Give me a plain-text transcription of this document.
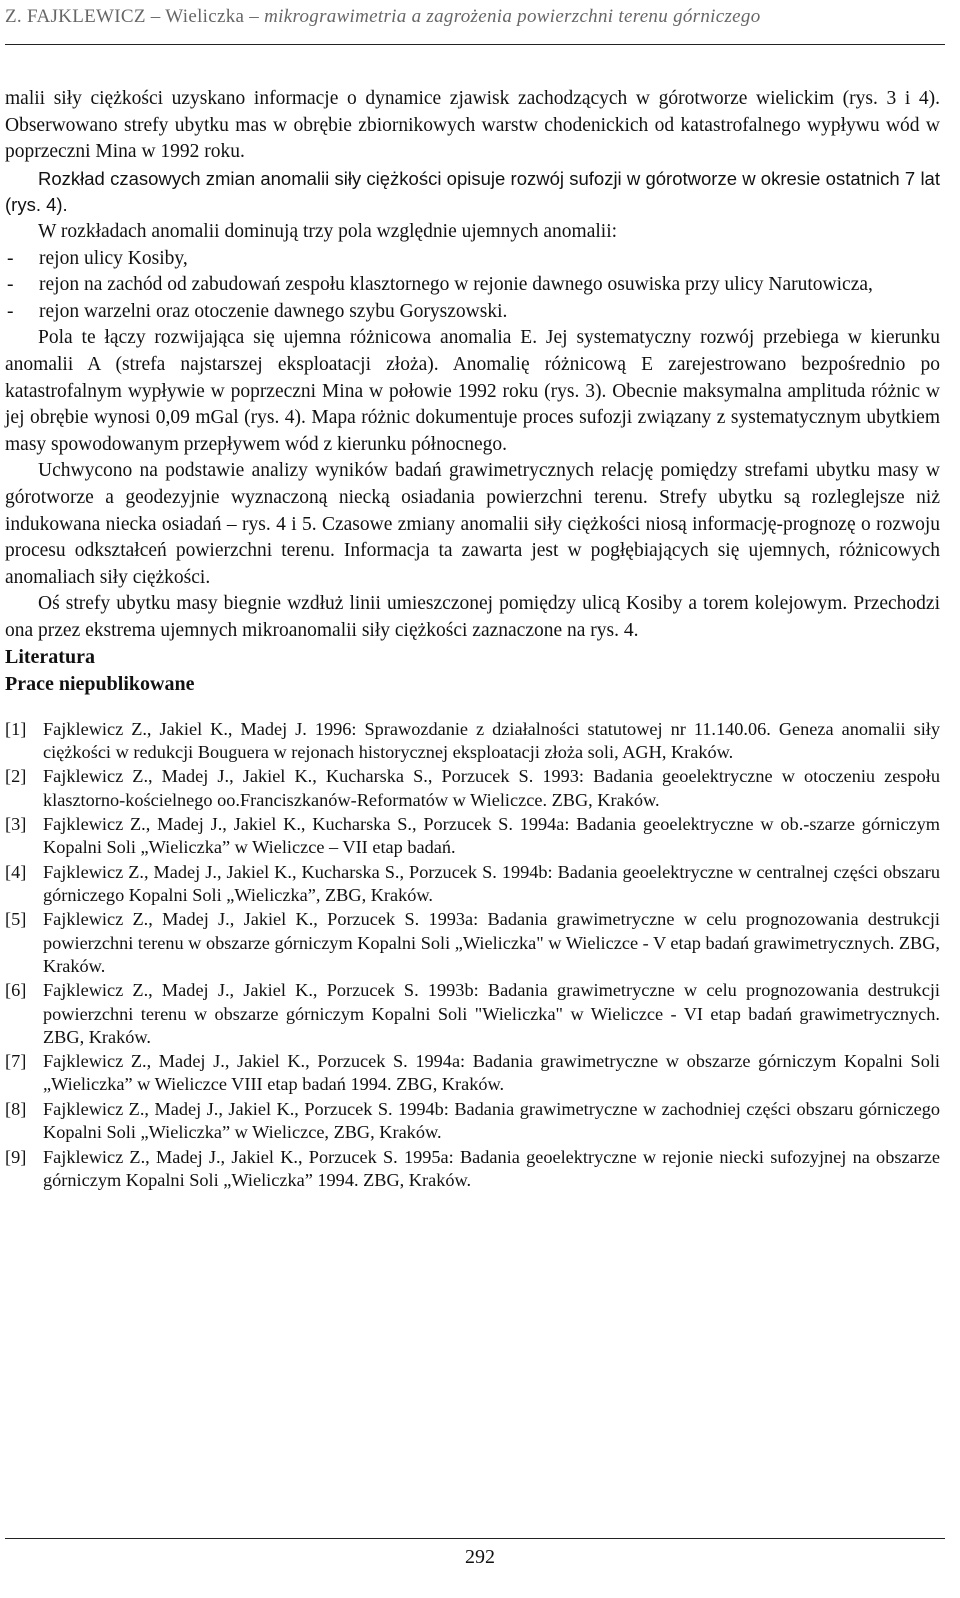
Z. FAJKLEWICZ – Wieliczka – mikrograwimetria a zagrożenia powierzchni terenu górniczego

malii siły ciężkości uzyskano informacje o dynamice zjawisk zachodzących w górotworze wielickim (rys. 3 i 4). Obserwowano strefy ubytku mas w obrębie zbiornikowych warstw chodenickich od katastrofalnego wypływu wód w poprzeczni Mina w 1992 roku.

Rozkład czasowych zmian anomalii siły ciężkości opisuje rozwój sufozji w górotworze w okresie ostatnich 7 lat (rys. 4).

W rozkładach anomalii dominują trzy pola względnie ujemnych anomalii:

- rejon ulicy Kosiby,
- rejon na zachód od zabudowań zespołu klasztornego w rejonie dawnego osuwiska przy ulicy Narutowicza,
- rejon warzelni oraz otoczenie dawnego szybu Goryszowski.

Pola te łączy rozwijająca się ujemna różnicowa anomalia E. Jej systematyczny rozwój przebiega w kierunku anomalii A (strefa najstarszej eksploatacji złoża). Anomalię różnicową E zarejestrowano bezpośrednio po katastrofalnym wypływie w poprzeczni Mina w połowie 1992 roku (rys. 3). Obecnie maksymalna amplituda różnic w jej obrębie wynosi 0,09 mGal (rys. 4). Mapa różnic dokumentuje proces sufozji związany z systematycznym ubytkiem masy spowodowanym przepływem wód z kierunku północnego.

Uchwycono na podstawie analizy wyników badań grawimetrycznych relację pomiędzy strefami ubytku masy w górotworze a geodezyjnie wyznaczoną niecką osiadania powierzchni terenu. Strefy ubytku są rozleglejsze niż indukowana niecka osiadań – rys. 4 i 5. Czasowe zmiany anomalii siły ciężkości niosą informację-prognozę o rozwoju procesu odkształceń powierzchni terenu. Informacja ta zawarta jest w pogłębiających się ujemnych, różnicowych anomaliach siły ciężkości.

Oś strefy ubytku masy biegnie wzdłuż linii umieszczonej pomiędzy ulicą Kosiby a torem kolejowym. Przechodzi ona przez ekstrema ujemnych mikroanomalii siły ciężkości zaznaczone na rys. 4.

Literatura

Prace niepublikowane

[1] Fajklewicz Z., Jakiel K., Madej J. 1996: Sprawozdanie z działalności statutowej nr 11.140.06. Geneza anomalii siły ciężkości w redukcji Bouguera w rejonach historycznej eksploatacji złoża soli, AGH, Kraków.
[2] Fajklewicz Z., Madej J., Jakiel K., Kucharska S., Porzucek S. 1993: Badania geoelektryczne w otoczeniu zespołu klasztorno-kościelnego oo.Franciszkanów-Reformatów w Wieliczce. ZBG, Kraków.
[3] Fajklewicz Z., Madej J., Jakiel K., Kucharska S., Porzucek S. 1994a: Badania geoelektryczne w ob.-szarze górniczym Kopalni Soli „Wieliczka” w Wieliczce – VII etap badań.
[4] Fajklewicz Z., Madej J., Jakiel K., Kucharska S., Porzucek S. 1994b: Badania geoelektryczne w centralnej części obszaru górniczego Kopalni Soli „Wieliczka”, ZBG, Kraków.
[5] Fajklewicz Z., Madej J., Jakiel K., Porzucek S. 1993a: Badania grawimetryczne w celu prognozowania destrukcji powierzchni terenu w obszarze górniczym Kopalni Soli „Wieliczka" w Wieliczce - V etap badań grawimetrycznych. ZBG, Kraków.
[6] Fajklewicz Z., Madej J., Jakiel K., Porzucek S. 1993b: Badania grawimetryczne w celu prognozowania destrukcji powierzchni terenu w obszarze górniczym Kopalni Soli "Wieliczka" w Wieliczce - VI etap badań grawimetrycznych. ZBG, Kraków.
[7] Fajklewicz Z., Madej J., Jakiel K., Porzucek S. 1994a: Badania grawimetryczne w obszarze górniczym Kopalni Soli „Wieliczka” w Wieliczce VIII etap badań 1994. ZBG, Kraków.
[8] Fajklewicz Z., Madej J., Jakiel K., Porzucek S. 1994b: Badania grawimetryczne w zachodniej części obszaru górniczego Kopalni Soli „Wieliczka” w Wieliczce, ZBG, Kraków.
[9] Fajklewicz Z., Madej J., Jakiel K., Porzucek S. 1995a: Badania geoelektryczne w rejonie niecki sufozyjnej na obszarze górniczym Kopalni Soli „Wieliczka” 1994. ZBG, Kraków.
292
